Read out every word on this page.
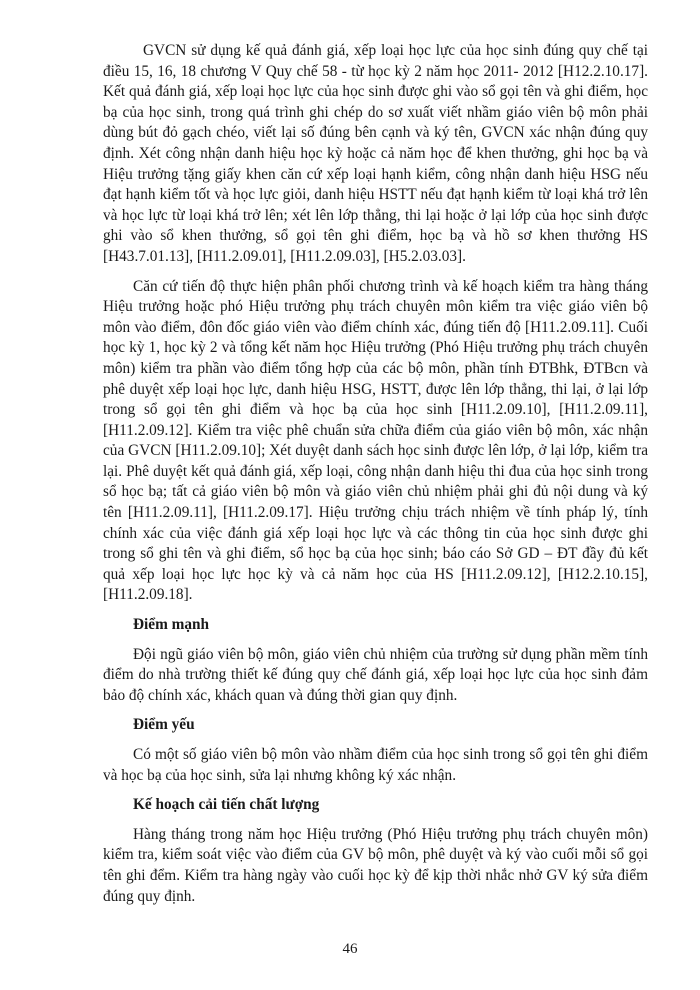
GVCN sử dụng kế quả đánh giá, xếp loại học lực của học sinh đúng quy chế tại điều 15, 16, 18 chương V Quy chế 58 - từ học kỳ 2 năm học 2011- 2012 [H12.2.10.17]. Kết quả đánh giá, xếp loại học lực của học sinh được ghi vào sổ gọi tên và ghi điểm, học bạ của học sinh, trong quá trình ghi chép do sơ xuất viết nhầm giáo viên bộ môn phải dùng bút đỏ gạch chéo, viết lại số đúng bên cạnh và ký tên, GVCN xác nhận đúng quy định. Xét công nhận danh hiệu học kỳ hoặc cả năm học để khen thưởng, ghi học bạ và Hiệu trưởng tặng giấy khen căn cứ xếp loại hạnh kiểm, công nhận danh hiệu HSG nếu đạt hạnh kiểm tốt và học lực giỏi, danh hiệu HSTT nếu đạt hạnh kiểm từ loại khá trở lên và học lực từ loại khá trở lên; xét lên lớp thẳng, thi lại hoặc ở lại lớp của học sinh được ghi vào sổ khen thưởng, sổ gọi tên ghi điểm, học bạ và hồ sơ khen thưởng HS [H43.7.01.13], [H11.2.09.01], [H11.2.09.03], [H5.2.03.03].

Căn cứ tiến độ thực hiện phân phối chương trình và kế hoạch kiểm tra hàng tháng Hiệu trưởng hoặc phó Hiệu trưởng phụ trách chuyên môn kiểm tra việc giáo viên bộ môn vào điểm, đôn đốc giáo viên vào điểm chính xác, đúng tiến độ [H11.2.09.11]. Cuối học kỳ 1, học kỳ 2 và tổng kết năm học Hiệu trưởng (Phó Hiệu trưởng phụ trách chuyên môn) kiểm tra phần vào điểm tổng hợp của các bộ môn, phần tính ĐTBhk, ĐTBcn và phê duyệt xếp loại học lực, danh hiệu HSG, HSTT, được lên lớp thẳng, thi lại, ở lại lớp trong sổ gọi tên ghi điểm và học bạ của học sinh [H11.2.09.10], [H11.2.09.11], [H11.2.09.12]. Kiểm tra việc phê chuẩn sửa chữa điểm của giáo viên bộ môn, xác nhận của GVCN [H11.2.09.10]; Xét duyệt danh sách học sinh được lên lớp, ở lại lớp, kiểm tra lại. Phê duyệt kết quả đánh giá, xếp loại, công nhận danh hiệu thi đua của học sinh trong sổ học bạ; tất cả giáo viên bộ môn và giáo viên chủ nhiệm phải ghi đủ nội dung và ký tên [H11.2.09.11], [H11.2.09.17]. Hiệu trưởng chịu trách nhiệm về tính pháp lý, tính chính xác của việc đánh giá xếp loại học lực và các thông tin của học sinh được ghi trong sổ ghi tên và ghi điểm, sổ học bạ của học sinh; báo cáo Sở GD – ĐT đầy đủ kết quả xếp loại học lực học kỳ và cả năm học của HS [H11.2.09.12], [H12.2.10.15], [H11.2.09.18].

Điểm mạnh

Đội ngũ giáo viên bộ môn, giáo viên chủ nhiệm của trường sử dụng phần mềm tính điểm do nhà trường thiết kế đúng quy chế đánh giá, xếp loại học lực của học sinh đảm bảo độ chính xác, khách quan và đúng thời gian quy định.

Điểm yếu

Có một số giáo viên bộ môn vào nhầm điểm của học sinh trong sổ gọi tên ghi điểm và học bạ của học sinh, sửa lại nhưng không ký xác nhận.

Kế hoạch cải tiến chất lượng

Hàng tháng trong năm học Hiệu trưởng (Phó Hiệu trưởng phụ trách chuyên môn) kiểm tra, kiểm soát việc vào điểm của GV bộ môn, phê duyệt và ký vào cuối mỗi sổ gọi tên ghi đểm. Kiểm tra hàng ngày vào cuối học kỳ để kịp thời nhắc nhở GV ký sửa điểm đúng quy định.

46
